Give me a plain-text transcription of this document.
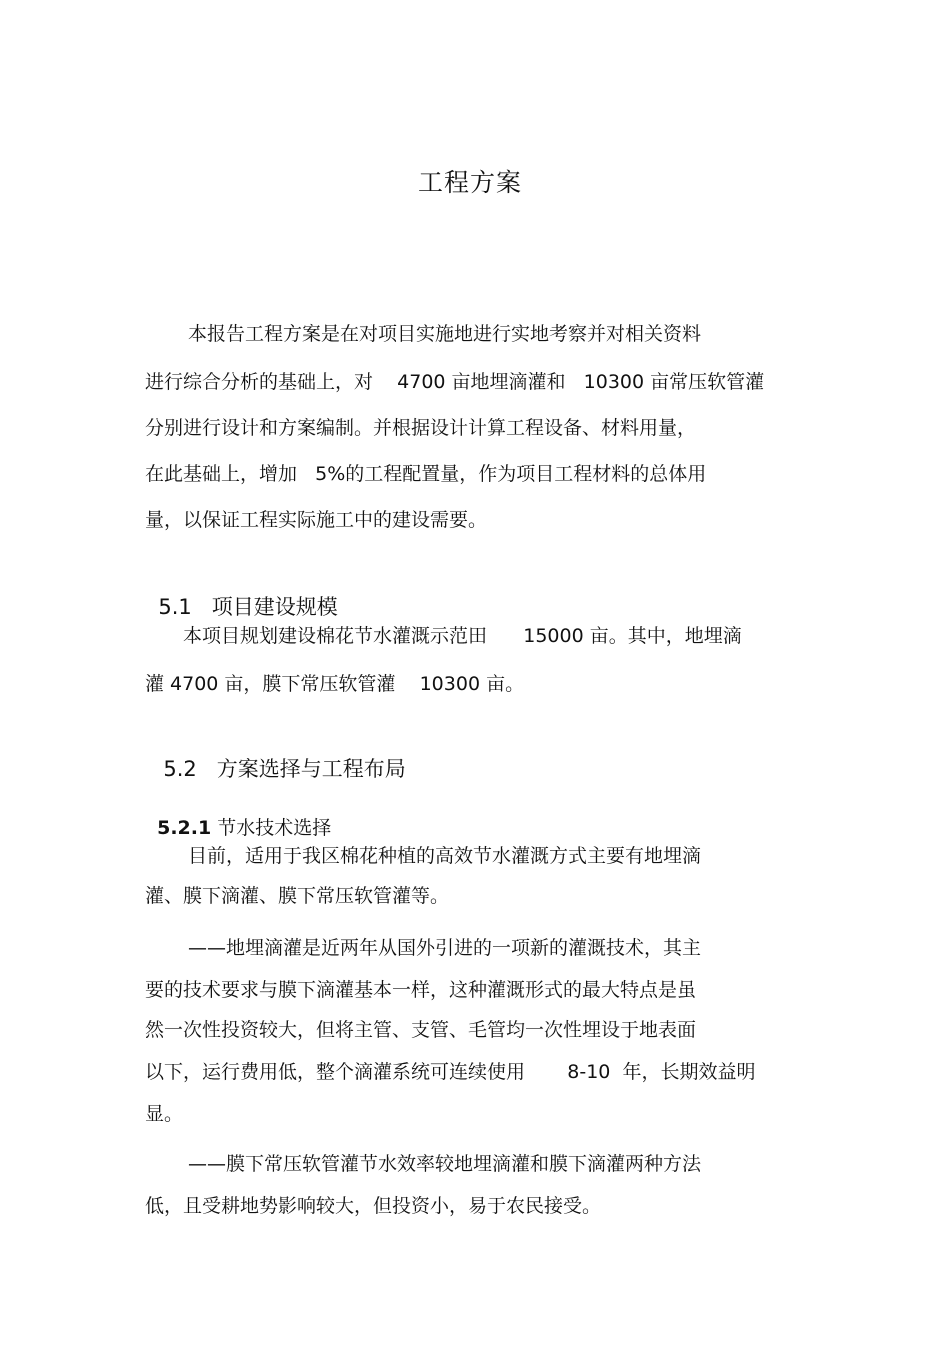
工程方案
本报告工程方案是在对项目实施地进行实地考察并对相关资料
进行综合分析的基础上，对    4700 亩地埋滴灌和   10300 亩常压软管灌
分别进行设计和方案编制。并根据设计计算工程设备、材料用量，
在此基础上，增加   5%的工程配置量，作为项目工程材料的总体用
量，以保证工程实际施工中的建设需要。

5.1 项目建设规模

本项目规划建设棉花节水灌溉示范田      15000 亩。其中，地埋滴
灌 4700 亩，膜下常压软管灌    10300 亩。

5.2 方案选择与工程布局

5.2.1 节水技术选择

目前，适用于我区棉花种植的高效节水灌溉方式主要有地埋滴
灌、膜下滴灌、膜下常压软管灌等。
——地埋滴灌是近两年从国外引进的一项新的灌溉技术，其主
要的技术要求与膜下滴灌基本一样，这种灌溉形式的最大特点是虽
然一次性投资较大，但将主管、支管、毛管均一次性埋设于地表面
以下，运行费用低，整个滴灌系统可连续使用       8-10  年，长期效益明
显。
——膜下常压软管灌节水效率较地埋滴灌和膜下滴灌两种方法
低，且受耕地势影响较大，但投资小，易于农民接受。
